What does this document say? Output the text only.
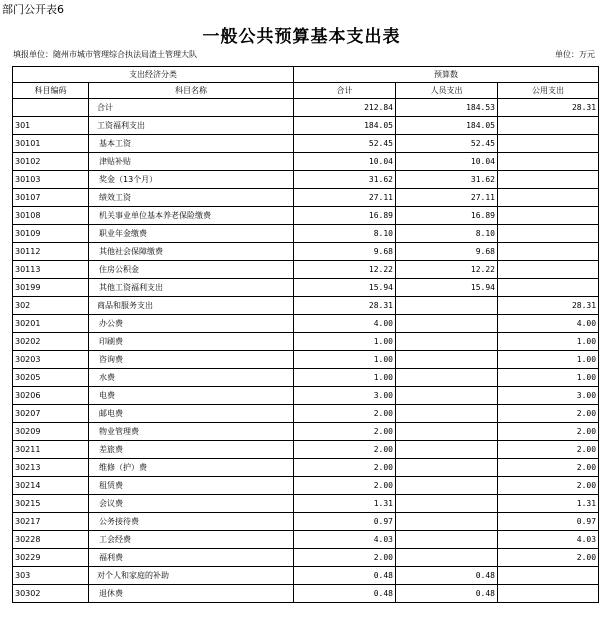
部门公开表6
一般公共预算基本支出表
填报单位：随州市城市管理综合执法局渣土管理大队	单位：万元
支出经济分类		预算数		
科目编码	科目名称	合计	人员支出	公用支出
	合计	212.84	184.53	28.31
301	工资福利支出	184.05	184.05	
30101	基本工资	52.45	52.45	
30102	津贴补贴	10.04	10.04	
30103	奖金（13个月）	31.62	31.62	
30107	绩效工资	27.11	27.11	
30108	机关事业单位基本养老保险缴费	16.89	16.89	
30109	职业年金缴费	8.10	8.10	
30112	其他社会保障缴费	9.68	9.68	
30113	住房公积金	12.22	12.22	
30199	其他工资福利支出	15.94	15.94	
302	商品和服务支出	28.31		28.31
30201	办公费	4.00		4.00
30202	印刷费	1.00		1.00
30203	咨询费	1.00		1.00
30205	水费	1.00		1.00
30206	电费	3.00		3.00
30207	邮电费	2.00		2.00
30209	物业管理费	2.00		2.00
30211	差旅费	2.00		2.00
30213	维修（护）费	2.00		2.00
30214	租赁费	2.00		2.00
30215	会议费	1.31		1.31
30217	公务接待费	0.97		0.97
30228	工会经费	4.03		4.03
30229	福利费	2.00		2.00
303	对个人和家庭的补助	0.48	0.48	
30302	退休费	0.48	0.48	
